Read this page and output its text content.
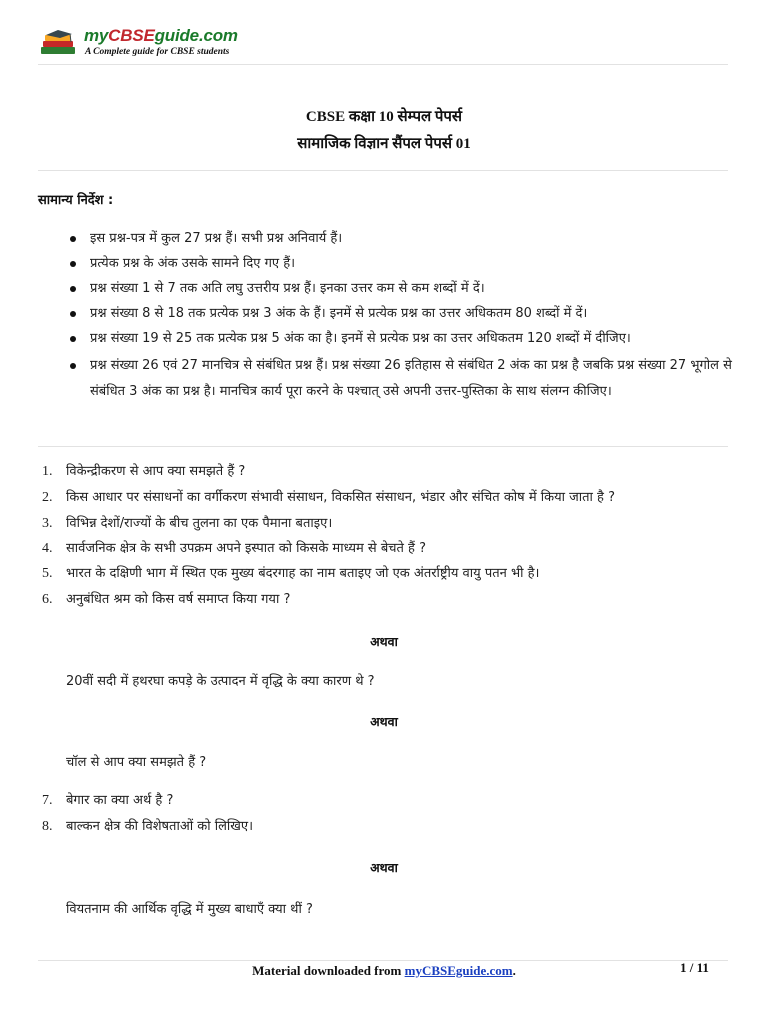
myCBSEguide.com
A Complete guide for CBSE students
CBSE कक्षा 10 सेम्पल पेपर्स
सामाजिक विज्ञान सैंपल पेपर्स 01
सामान्य निर्देश :
इस प्रश्न-पत्र में कुल 27 प्रश्न हैं। सभी प्रश्न अनिवार्य हैं।
प्रत्येक प्रश्न के अंक उसके सामने दिए गए हैं।
प्रश्न संख्या 1 से 7 तक अति लघु उत्तरीय प्रश्न हैं। इनका उत्तर कम से कम शब्दों में दें।
प्रश्न संख्या 8 से 18 तक प्रत्येक प्रश्न 3 अंक के हैं। इनमें से प्रत्येक प्रश्न का उत्तर अधिकतम 80 शब्दों में दें।
प्रश्न संख्या 19 से 25 तक प्रत्येक प्रश्न 5 अंक का है। इनमें से प्रत्येक प्रश्न का उत्तर अधिकतम 120 शब्दों में दीजिए।
प्रश्न संख्या 26 एवं 27 मानचित्र से संबंधित प्रश्न हैं। प्रश्न संख्या 26 इतिहास से संबंधित 2 अंक का प्रश्न है जबकि प्रश्न संख्या 27 भूगोल से संबंधित 3 अंक का प्रश्न है। मानचित्र कार्य पूरा करने के पश्चात् उसे अपनी उत्तर-पुस्तिका के साथ संलग्न कीजिए।
1. विकेन्द्रीकरण से आप क्या समझते हैं ?
2. किस आधार पर संसाधनों का वर्गीकरण संभावी संसाधन, विकसित संसाधन, भंडार और संचित कोष में किया जाता है ?
3. विभिन्न देशों/राज्यों के बीच तुलना का एक पैमाना बताइए।
4. सार्वजनिक क्षेत्र के सभी उपक्रम अपने इस्पात को किसके माध्यम से बेचते हैं ?
5. भारत के दक्षिणी भाग में स्थित एक मुख्य बंदरगाह का नाम बताइए जो एक अंतर्राष्ट्रीय वायु पतन भी है।
6. अनुबंधित श्रम को किस वर्ष समाप्त किया गया ?
अथवा
20वीं सदी में हथरघा कपड़े के उत्पादन में वृद्धि के क्या कारण थे ?
अथवा
चॉल से आप क्या समझते हैं ?
7. बेगार का क्या अर्थ है ?
8. बाल्कन क्षेत्र की विशेषताओं को लिखिए।
अथवा
वियतनाम की आर्थिक वृद्धि में मुख्य बाधाएँ क्या थीं ?
Material downloaded from myCBSEguide.com.	1 / 11
